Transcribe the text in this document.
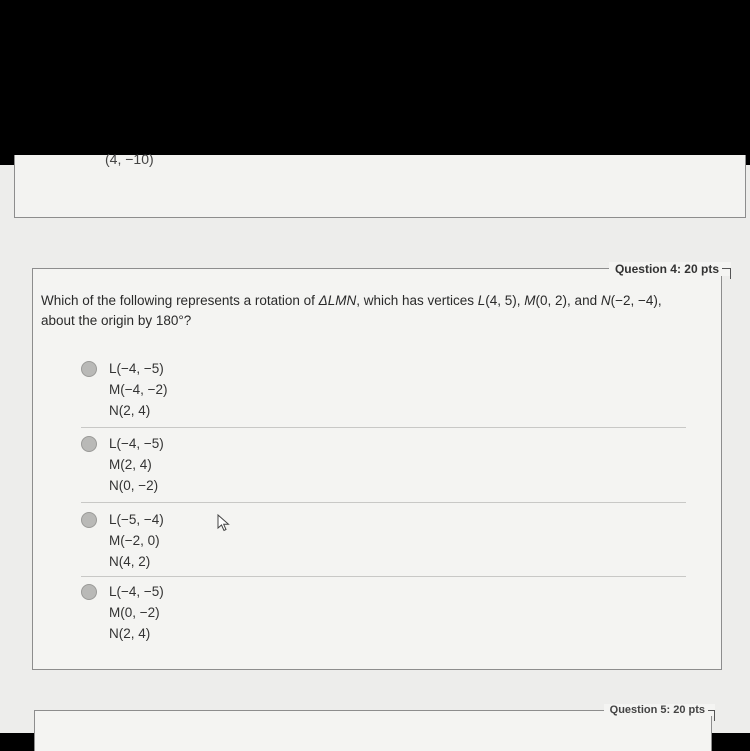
(4, −10)
Question 4: 20 pts
Which of the following represents a rotation of ΔLMN, which has vertices L(4, 5), M(0, 2), and N(−2, −4),
about the origin by 180°?
L(−4, −5)
M(−4, −2)
N(2, 4)
L(−4, −5)
M(2, 4)
N(0, −2)
L(−5, −4)
M(−2, 0)
N(4, 2)
L(−4, −5)
M(0, −2)
N(2, 4)
Question 5: 20 pts
